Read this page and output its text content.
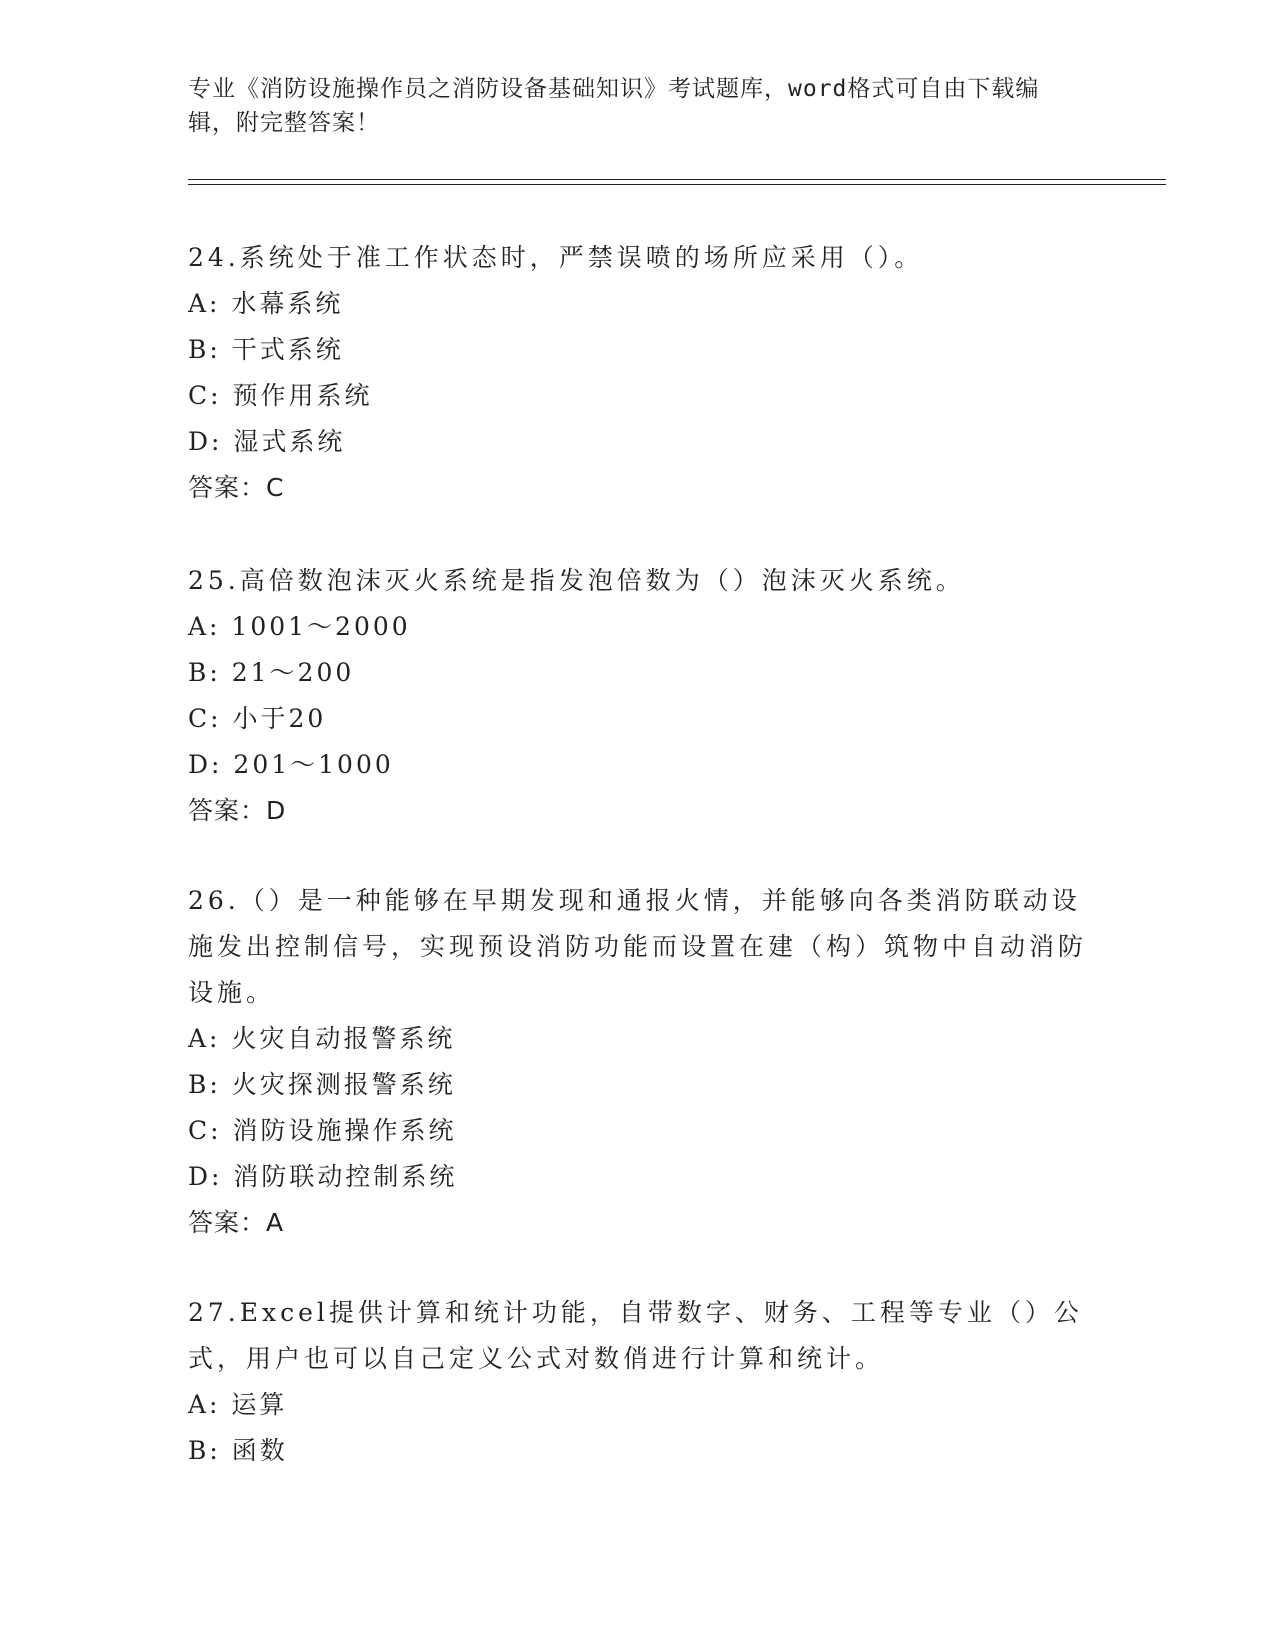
专业《消防设施操作员之消防设备基础知识》考试题库，word格式可自由下载编辑，附完整答案！
24.系统处于准工作状态时，严禁误喷的场所应采用（）。
A: 水幕系统
B: 干式系统
C: 预作用系统
D: 湿式系统
答案：C
25.高倍数泡沫灭火系统是指发泡倍数为（）泡沫灭火系统。
A: 1001～2000
B: 21～200
C: 小于20
D: 201～1000
答案：D
26.（）是一种能够在早期发现和通报火情，并能够向各类消防联动设施发出控制信号，实现预设消防功能而设置在建（构）筑物中自动消防设施。
A: 火灾自动报警系统
B: 火灾探测报警系统
C: 消防设施操作系统
D: 消防联动控制系统
答案：A
27.Excel提供计算和统计功能，自带数字、财务、工程等专业（）公式，用户也可以自己定义公式对数俏进行计算和统计。
A: 运算
B: 函数
